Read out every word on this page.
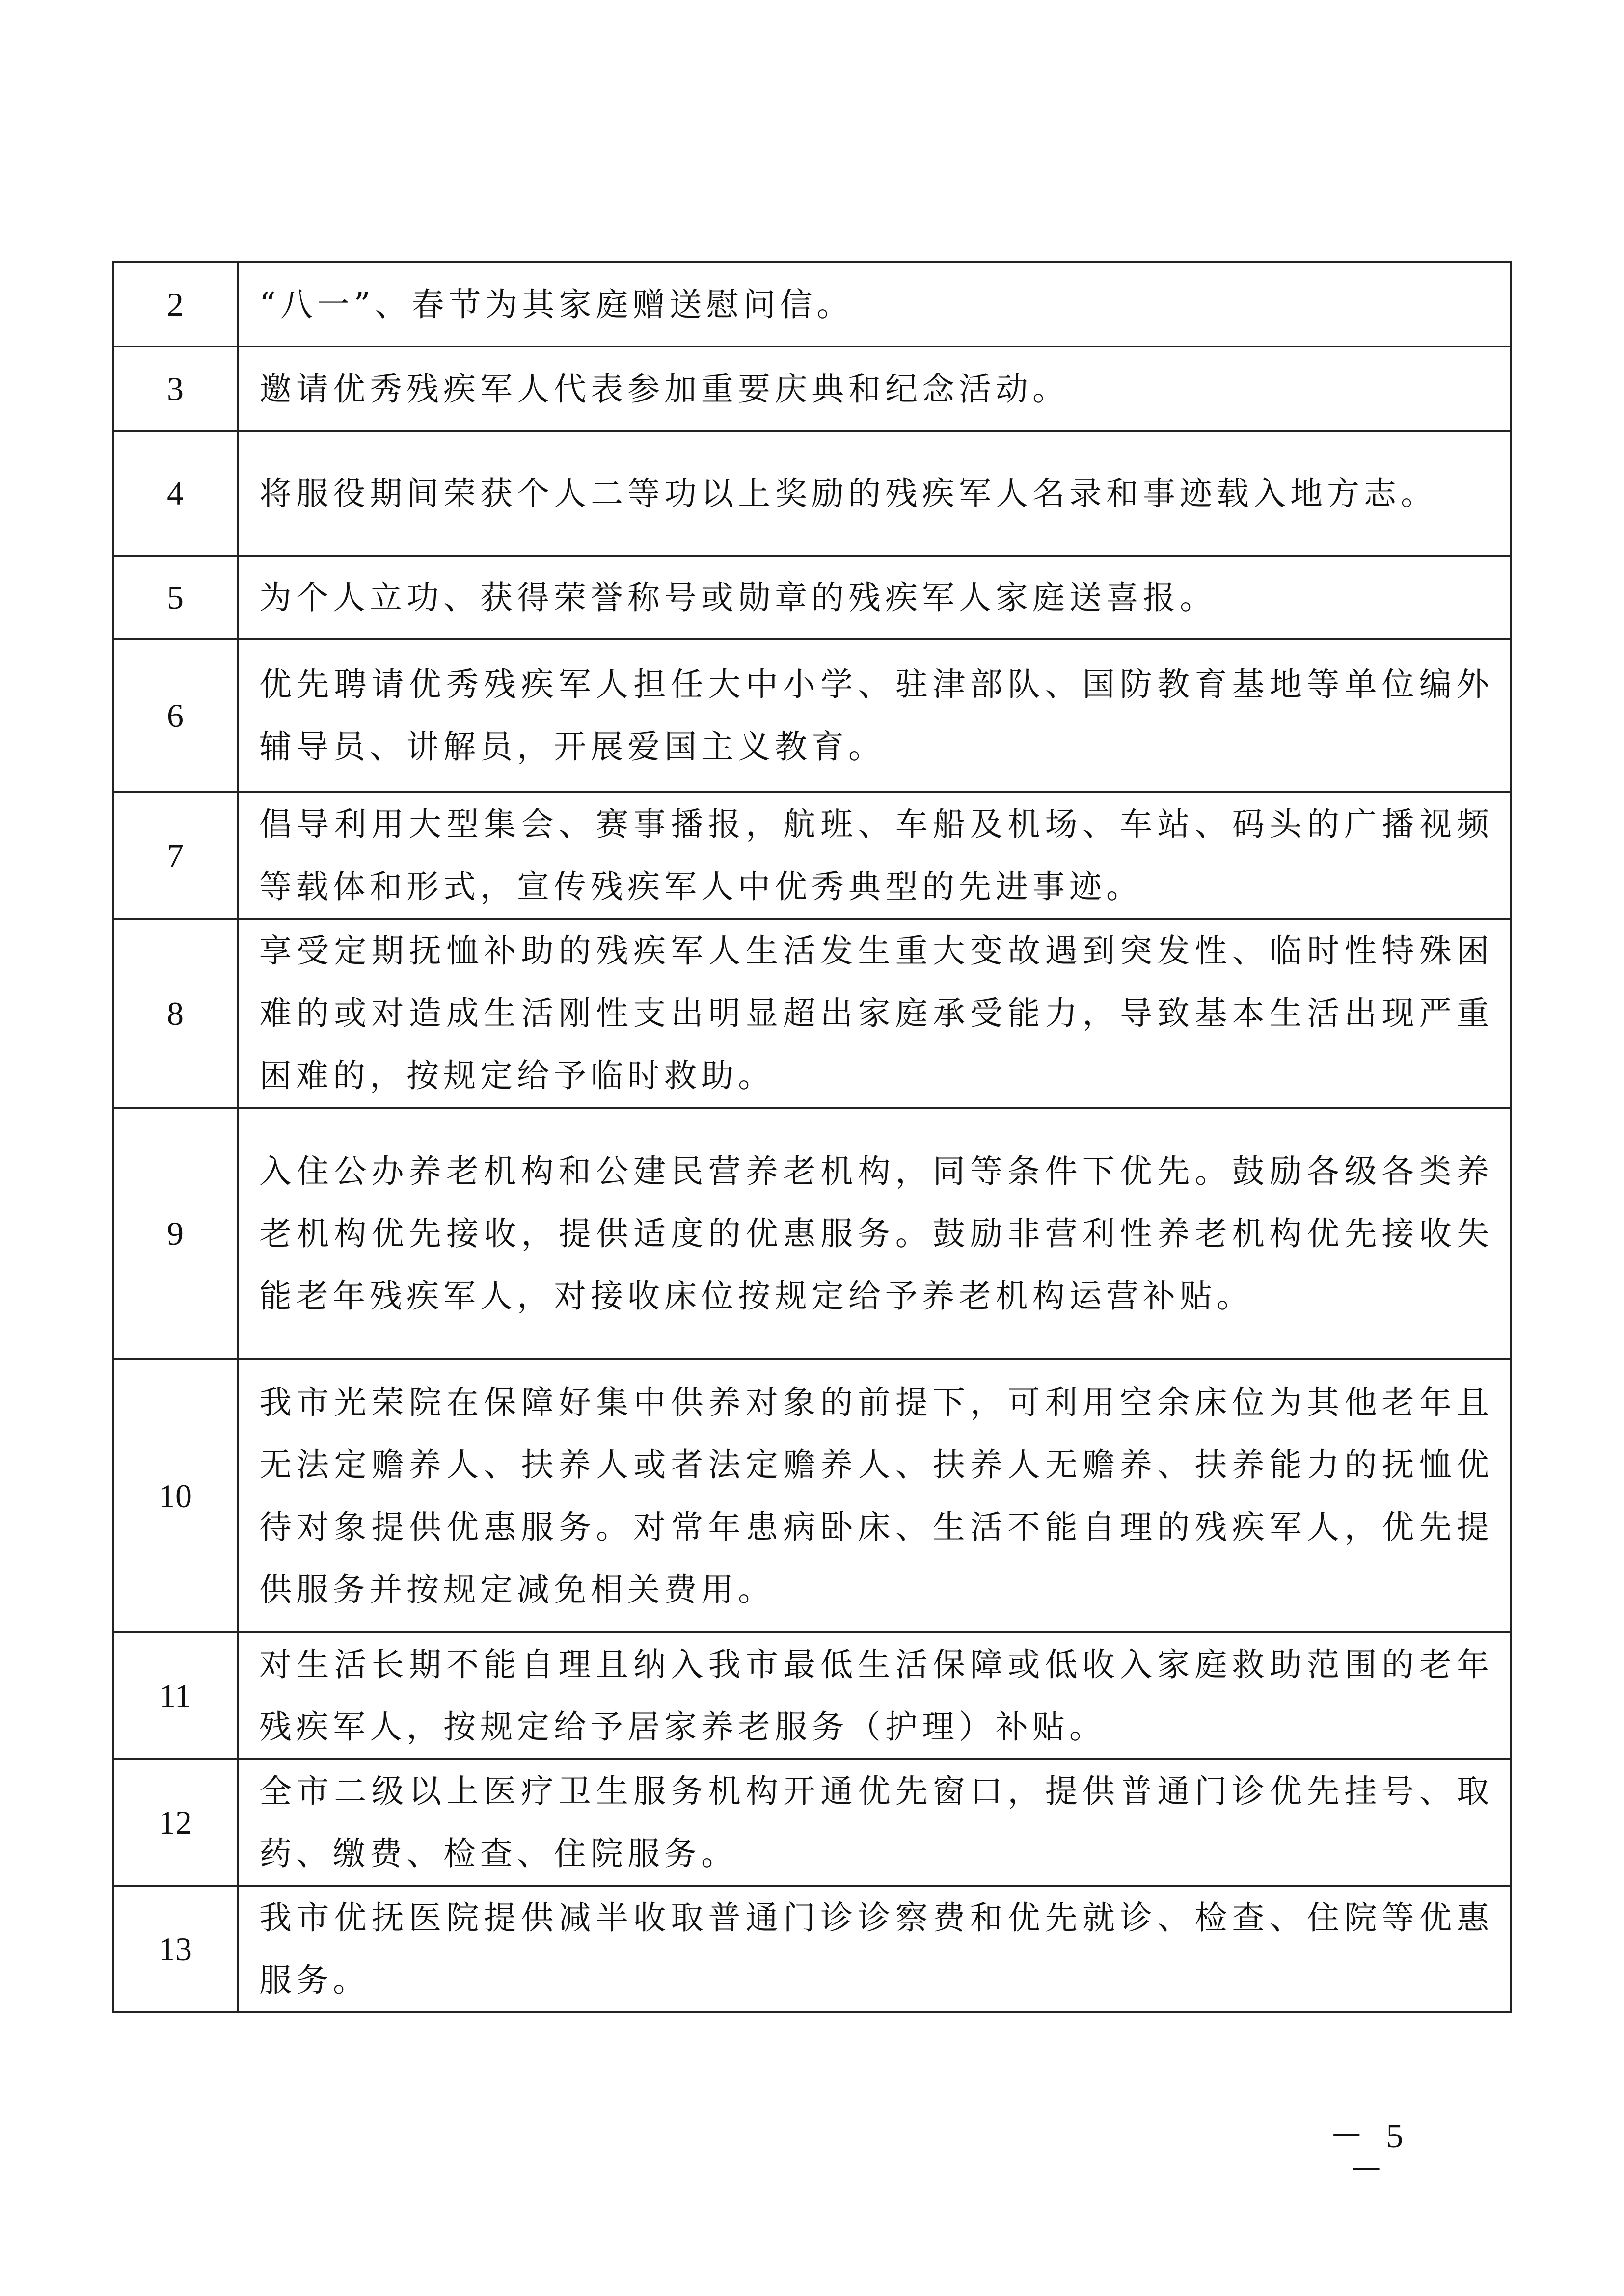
2	“八一”、春节为其家庭赠送慰问信。
3	邀请优秀残疾军人代表参加重要庆典和纪念活动。
4	将服役期间荣获个人二等功以上奖励的残疾军人名录和事迹载入地方志。
5	为个人立功、获得荣誉称号或勋章的残疾军人家庭送喜报。
6	优先聘请优秀残疾军人担任大中小学、驻津部队、国防教育基地等单位编外辅导员、讲解员，开展爱国主义教育。
7	倡导利用大型集会、赛事播报，航班、车船及机场、车站、码头的广播视频等载体和形式，宣传残疾军人中优秀典型的先进事迹。
8	享受定期抚恤补助的残疾军人生活发生重大变故遇到突发性、临时性特殊困难的或对造成生活刚性支出明显超出家庭承受能力，导致基本生活出现严重困难的，按规定给予临时救助。
9	入住公办养老机构和公建民营养老机构，同等条件下优先。鼓励各级各类养老机构优先接收，提供适度的优惠服务。鼓励非营利性养老机构优先接收失能老年残疾军人，对接收床位按规定给予养老机构运营补贴。
10	我市光荣院在保障好集中供养对象的前提下，可利用空余床位为其他老年且无法定赡养人、扶养人或者法定赡养人、扶养人无赡养、扶养能力的抚恤优待对象提供优惠服务。对常年患病卧床、生活不能自理的残疾军人，优先提供服务并按规定减免相关费用。
11	对生活长期不能自理且纳入我市最低生活保障或低收入家庭救助范围的老年残疾军人，按规定给予居家养老服务（护理）补贴。
12	全市二级以上医疗卫生服务机构开通优先窗口，提供普通门诊优先挂号、取药、缴费、检查、住院服务。
13	我市优抚医院提供减半收取普通门诊诊察费和优先就诊、检查、住院等优惠服务。
－ 5 －
